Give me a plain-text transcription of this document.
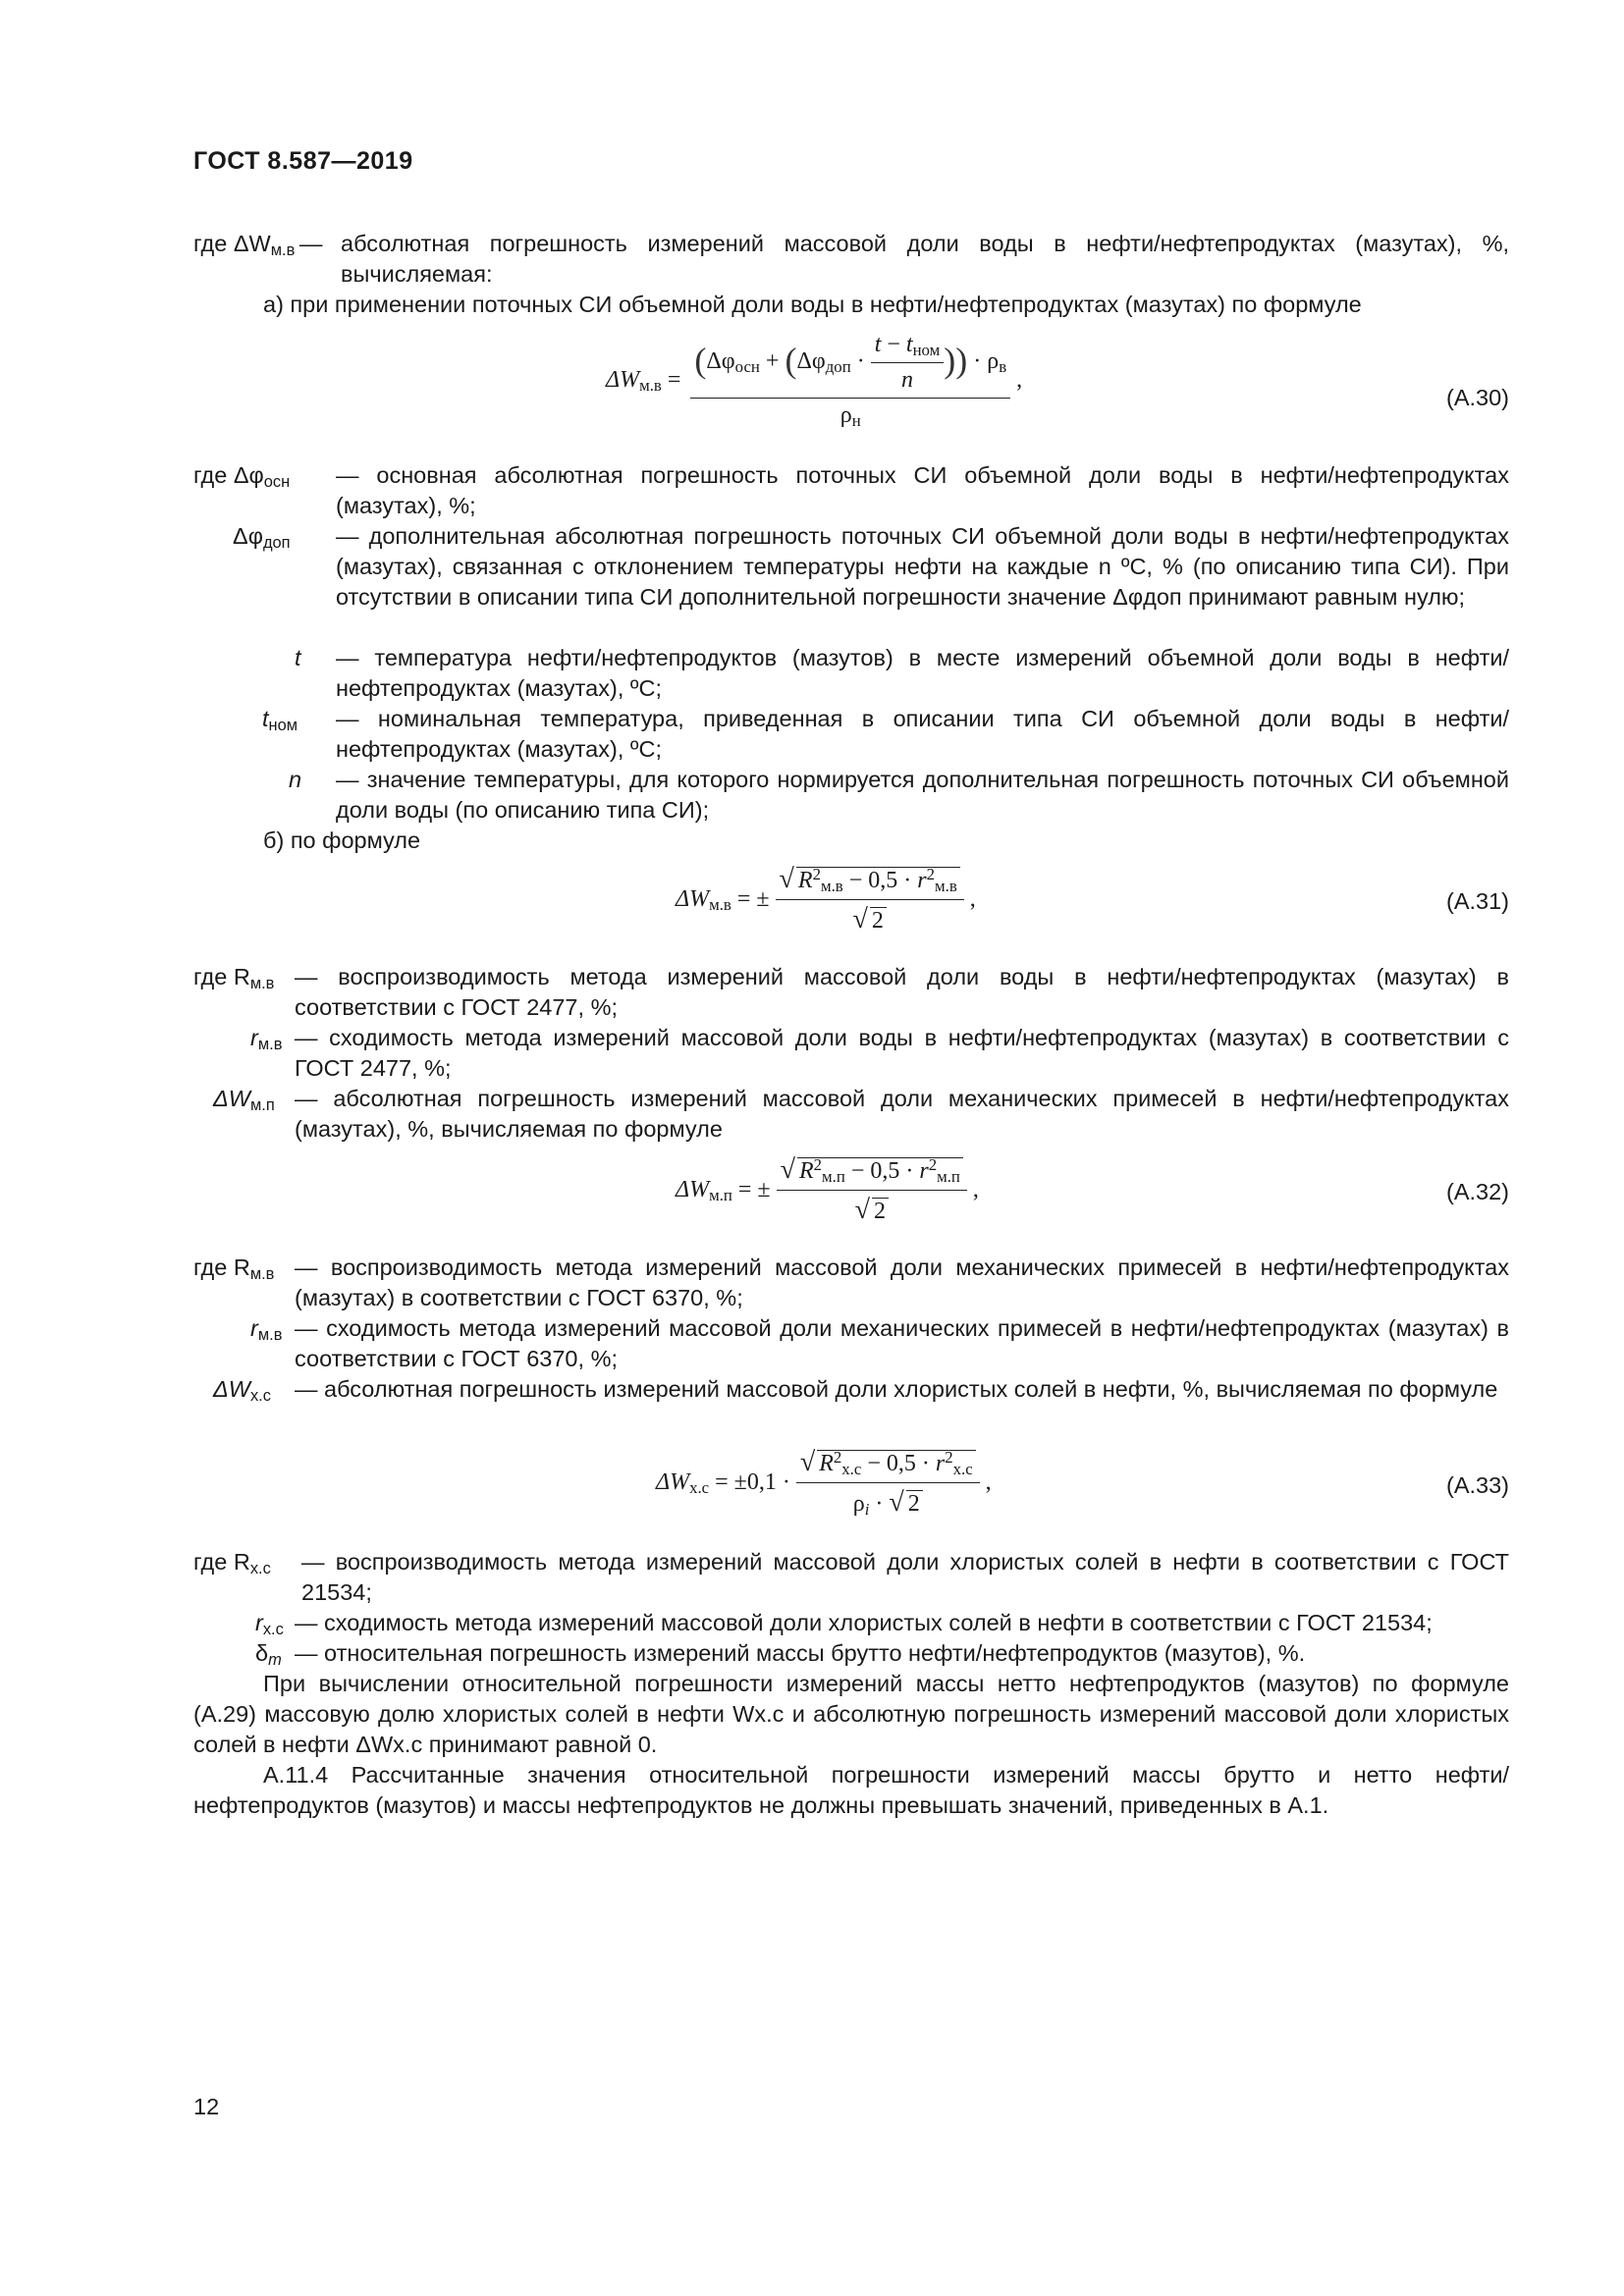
ГОСТ 8.587—2019
где $\Delta W_{м.в}$ — абсолютная погрешность измерений массовой доли воды в нефти/нефтепродуктах (мазутах), %, вычисляемая:
а) при применении поточных СИ объемной доли воды в нефти/нефтепродуктах (мазутах) по формуле
$\Delta W_{м.в} = \frac{(\Delta\varphi_{осн} + (\Delta\varphi_{доп} \cdot \frac{t - t_{ном}}{n} )) \cdot \rho_в}{\rho_н}$ ,
(А.30)
где $\Delta\varphi_{осн}$ — основная абсолютная погрешность поточных СИ объемной доли воды в нефти/нефтепродуктах (мазутах), %;
$\Delta\varphi_{доп}$ — дополнительная абсолютная погрешность поточных СИ объемной доли воды в нефти/нефтепродуктах (мазутах), связанная с отклонением температуры нефти на каждые n ºС, % (по описанию типа СИ). При отсутствии в описании типа СИ дополнительной погрешности значение Δφдоп принимают равным нулю;
t — температура нефти/нефтепродуктов (мазутов) в месте измерений объемной доли воды в нефти/нефтепродуктах (мазутах), ºС;
$t_{ном}$ — номинальная температура, приведенная в описании типа СИ объемной доли воды в нефти/нефтепродуктах (мазутах), ºС;
n — значение температуры, для которого нормируется дополнительная погрешность поточных СИ объемной доли воды (по описанию типа СИ);
б) по формуле
$\Delta W_{м.в}$ = ± $\frac{√ R^2_{м.в} - 0,5 \cdot r^2_{м.в}}{√ 2}$ ,	(А.31)
где $R_{м.в}$ — воспроизводимость метода измерений массовой доли воды в нефти/нефтепродуктах (мазутах) в соответствии с ГОСТ 2477, %;
$r_{м.в}$ — сходимость метода измерений массовой доли воды в нефти/нефтепродуктах (мазутах) в соответствии с ГОСТ 2477, %;
$\Delta W_{м.п}$ — абсолютная погрешность измерений массовой доли механических примесей в нефти/нефтепродуктах (мазутах), %, вычисляемая по формуле
$\Delta W_{м.п}$ = ± $\frac{√ R^2_{м.п} - 0,5 \cdot r^2_{м.п}}{√ 2}$ ,	(А.32)
где $R_{м.в}$ — воспроизводимость метода измерений массовой доли механических примесей в нефти/нефтепродуктах (мазутах) в соответствии с ГОСТ 6370, %;
$r_{м.в}$ — сходимость метода измерений массовой доли механических примесей в нефти/нефтепродуктах (мазутах) в соответствии с ГОСТ 6370, %;
$\Delta W_{х.с}$ — абсолютная погрешность измерений массовой доли хлористых солей в нефти, %, вычисляемая по формуле
$\Delta W_{х.с} = \pm 0,1 \cdot \frac{√ R^2_{х.с} - 0,5 \cdot r^2_{х.с}}{\rho_i \cdot √ 2}$ ,	(А.33)
где $R_{х.с}$ — воспроизводимость метода измерений массовой доли хлористых солей в нефти в соответствии с ГОСТ 21534;
$r_{х.с}$ — сходимость метода измерений массовой доли хлористых солей в нефти в соответствии с ГОСТ 21534;
$\delta_m$ — относительная погрешность измерений массы брутто нефти/нефтепродуктов (мазутов), %.
При вычислении относительной погрешности измерений массы нетто нефтепродуктов (мазутов) по формуле (А.29) массовую долю хлористых солей в нефти Wх.с и абсолютную погрешность измерений массовой доли хлористых солей в нефти ΔWх.с принимают равной 0.
А.11.4 Рассчитанные значения относительной погрешности измерений массы брутто и нетто нефти/нефтепродуктов (мазутов) и массы нефтепродуктов не должны превышать значений, приведенных в А.1.
12
